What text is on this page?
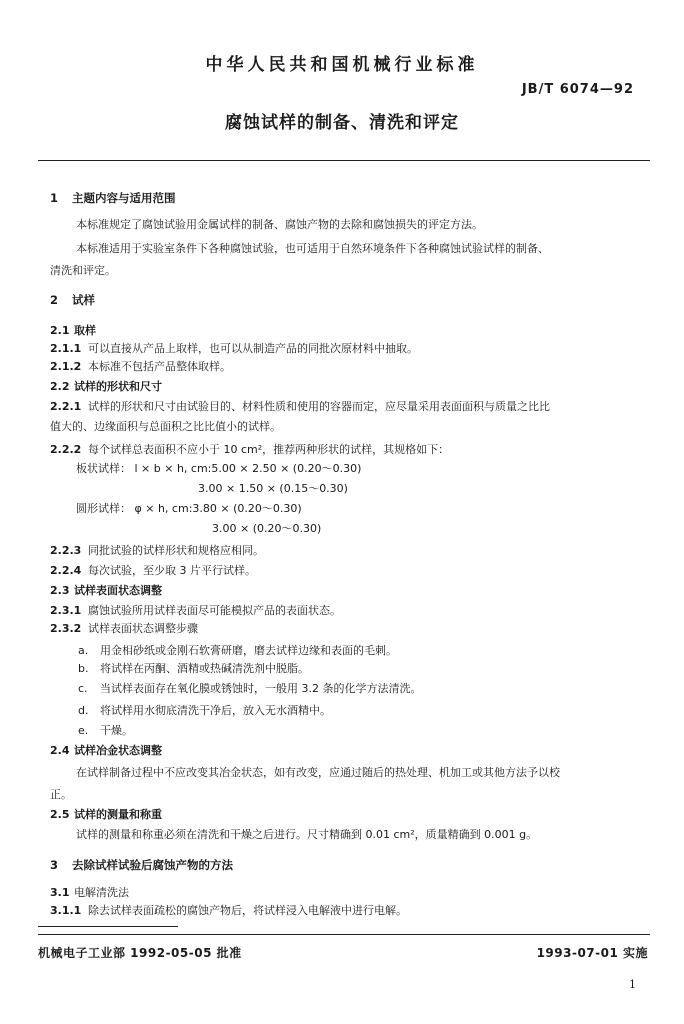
中华人民共和国机械行业标准
JB/T 6074—92
腐蚀试样的制备、清洗和评定
1 主题内容与适用范围
本标准规定了腐蚀试验用金属试样的制备、腐蚀产物的去除和腐蚀损失的评定方法。
本标准适用于实验室条件下各种腐蚀试验，也可适用于自然环境条件下各种腐蚀试验试样的制备、
清洗和评定。
2 试样
2.1 取样
2.1.1 可以直接从产品上取样，也可以从制造产品的同批次原材料中抽取。
2.1.2 本标准不包括产品整体取样。
2.2 试样的形状和尺寸
2.2.1 试样的形状和尺寸由试验目的、材料性质和使用的容器而定，应尽量采用表面面积与质量之比比
值大的、边缘面积与总面积之比比值小的试样。
2.2.2 每个试样总表面积不应小于 10 cm²，推荐两种形状的试样，其规格如下：
板状试样： l × b × h, cm:5.00 × 2.50 × (0.20～0.30)
3.00 × 1.50 × (0.15～0.30)
圆形试样： φ × h, cm:3.80 × (0.20～0.30)
3.00 × (0.20～0.30)
2.2.3 同批试验的试样形状和规格应相同。
2.2.4 每次试验，至少取 3 片平行试样。
2.3 试样表面状态调整
2.3.1 腐蚀试验所用试样表面尽可能模拟产品的表面状态。
2.3.2 试样表面状态调整步骤
a. 用金相砂纸或金刚石软膏研磨，磨去试样边缘和表面的毛刺。
b. 将试样在丙酮、酒精或热碱清洗剂中脱脂。
c. 当试样表面存在氧化膜或锈蚀时，一般用 3.2 条的化学方法清洗。
d. 将试样用水彻底清洗干净后，放入无水酒精中。
e. 干燥。
2.4 试样冶金状态调整
在试样制备过程中不应改变其冶金状态，如有改变，应通过随后的热处理、机加工或其他方法予以校
正。
2.5 试样的测量和称重
试样的测量和称重必须在清洗和干燥之后进行。尺寸精确到 0.01 cm²，质量精确到 0.001 g。
3 去除试样试验后腐蚀产物的方法
3.1 电解清洗法
3.1.1 除去试样表面疏松的腐蚀产物后，将试样浸入电解液中进行电解。
机械电子工业部 1992-05-05 批准	1993-07-01 实施
1
